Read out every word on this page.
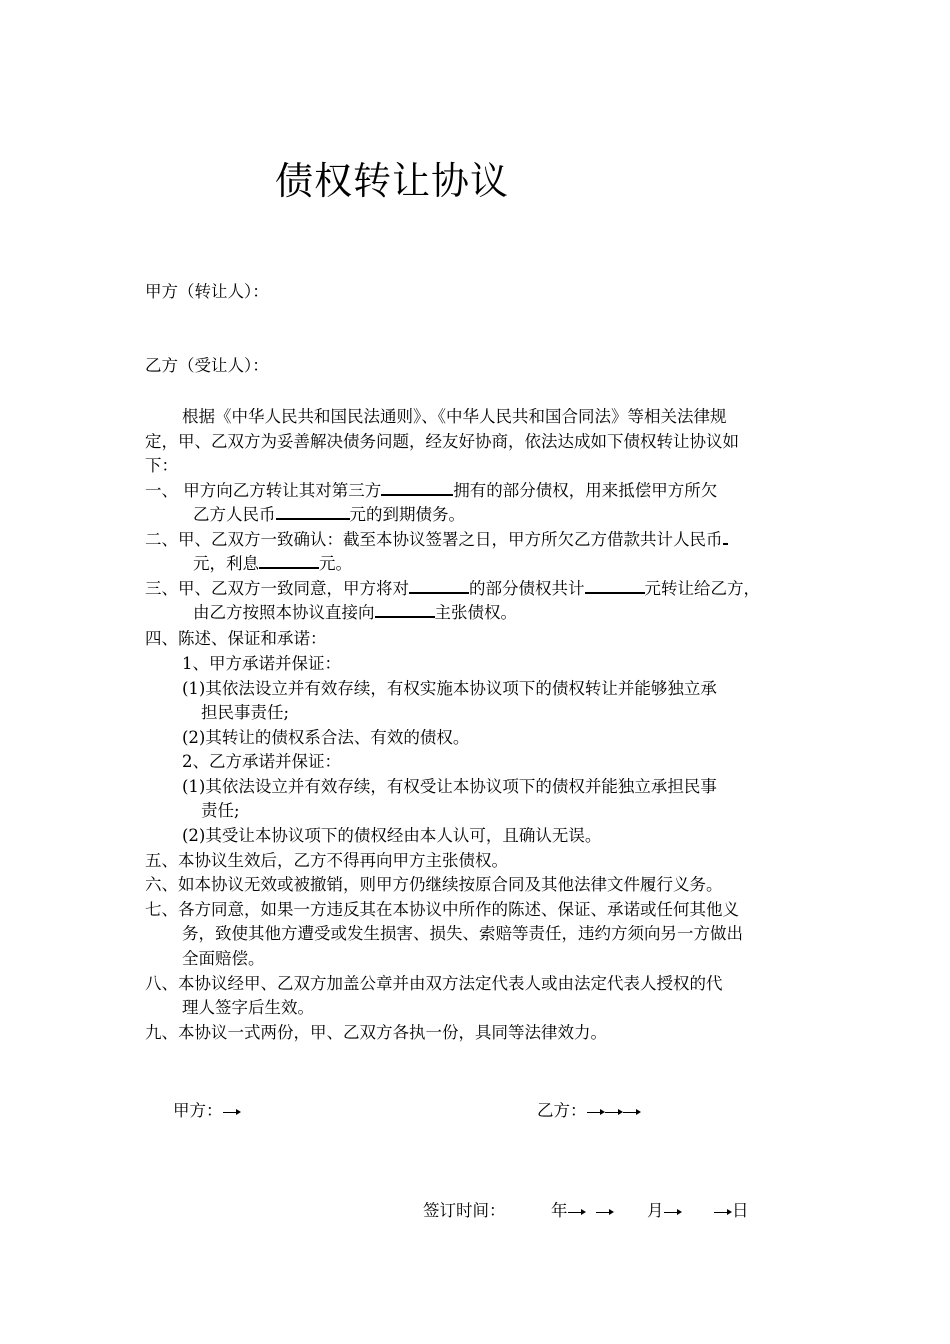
债权转让协议
甲方（转让人）：
乙方（受让人）：
根据《中华人民共和国民法通则》、《中华人民共和国合同法》等相关法律规
定，甲、乙双方为妥善解决债务问题，经友好协商，依法达成如下债权转让协议如
下：
一、 甲方向乙方转让其对第三方	拥有的部分债权，用来抵偿甲方所欠
乙方人民币	元的到期债务。
二、甲、乙双方一致确认：截至本协议签署之日，甲方所欠乙方借款共计人民币
元，利息	元。
三、甲、乙双方一致同意，甲方将对	的部分债权共计	元转让给乙方，
由乙方按照本协议直接向	主张债权。
四、陈述、保证和承诺：
1、甲方承诺并保证：
(1)其依法设立并有效存续，有权实施本协议项下的债权转让并能够独立承
担民事责任;
(2)其转让的债权系合法、有效的债权。
2、乙方承诺并保证：
(1)其依法设立并有效存续，有权受让本协议项下的债权并能独立承担民事
责任;
(2)其受让本协议项下的债权经由本人认可，且确认无误。
五、本协议生效后，乙方不得再向甲方主张债权。
六、如本协议无效或被撤销，则甲方仍继续按原合同及其他法律文件履行义务。
七、各方同意，如果一方违反其在本协议中所作的陈述、保证、承诺或任何其他义
务，致使其他方遭受或发生损害、损失、索赔等责任，违约方须向另一方做出
全面赔偿。
八、本协议经甲、乙双方加盖公章并由双方法定代表人或由法定代表人授权的代
理人签字后生效。
九、本协议一式两份，甲、乙双方各执一份，具同等法律效力。
甲方：	乙方：
签订时间：	年	月	日
